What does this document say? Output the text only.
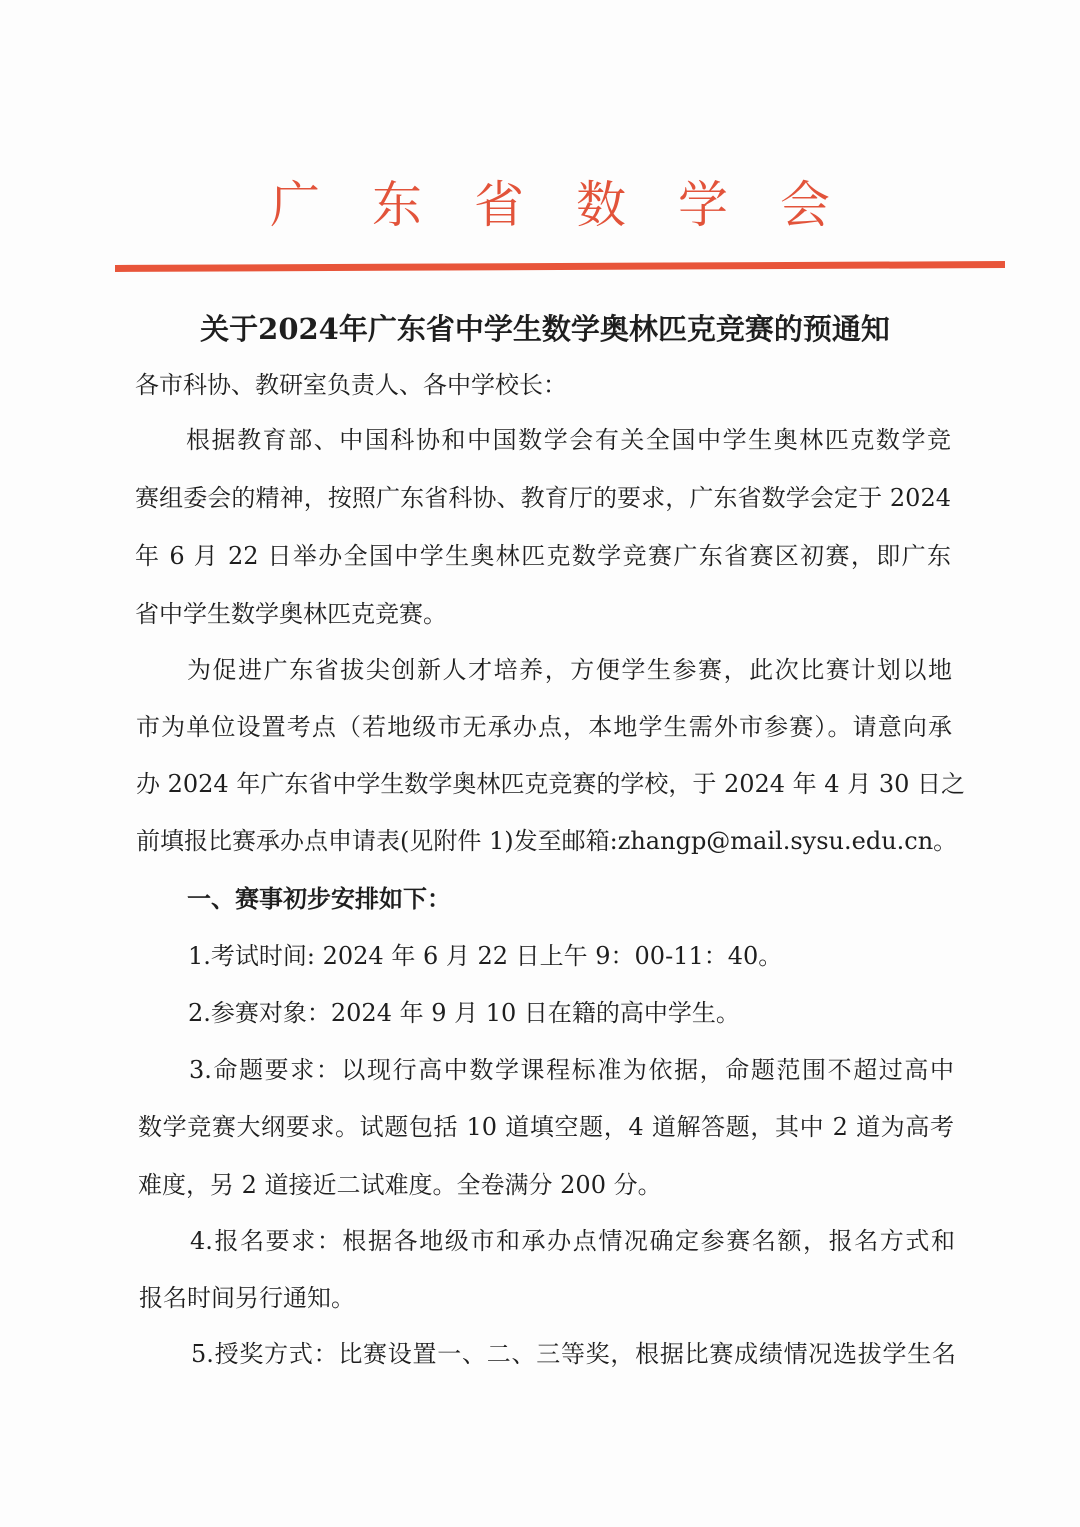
广 东 省 数 学 会
关于2024年广东省中学生数学奥林匹克竞赛的预通知
各市科协、教研室负责人、各中学校长：
根据教育部、中国科协和中国数学会有关全国中学生奥林匹克数学竞
赛组委会的精神，按照广东省科协、教育厅的要求，广东省数学会定于 2024
年 6 月 22 日举办全国中学生奥林匹克数学竞赛广东省赛区初赛，即广东
省中学生数学奥林匹克竞赛。
为促进广东省拔尖创新人才培养，方便学生参赛，此次比赛计划以地
市为单位设置考点（若地级市无承办点，本地学生需外市参赛）。请意向承
办 2024 年广东省中学生数学奥林匹克竞赛的学校，于 2024 年 4 月 30 日之
前填报比赛承办点申请表(见附件 1)发至邮箱:zhangp@mail.sysu.edu.cn。
一、赛事初步安排如下：
1.考试时间: 2024 年 6 月 22 日上午 9：00-11：40。
2.参赛对象：2024 年 9 月 10 日在籍的高中学生。
3.命题要求：以现行高中数学课程标准为依据，命题范围不超过高中
数学竞赛大纲要求。试题包括 10 道填空题，4 道解答题，其中 2 道为高考
难度，另 2 道接近二试难度。全卷满分 200 分。
4.报名要求：根据各地级市和承办点情况确定参赛名额，报名方式和
报名时间另行通知。
5.授奖方式：比赛设置一、二、三等奖，根据比赛成绩情况选拔学生名
